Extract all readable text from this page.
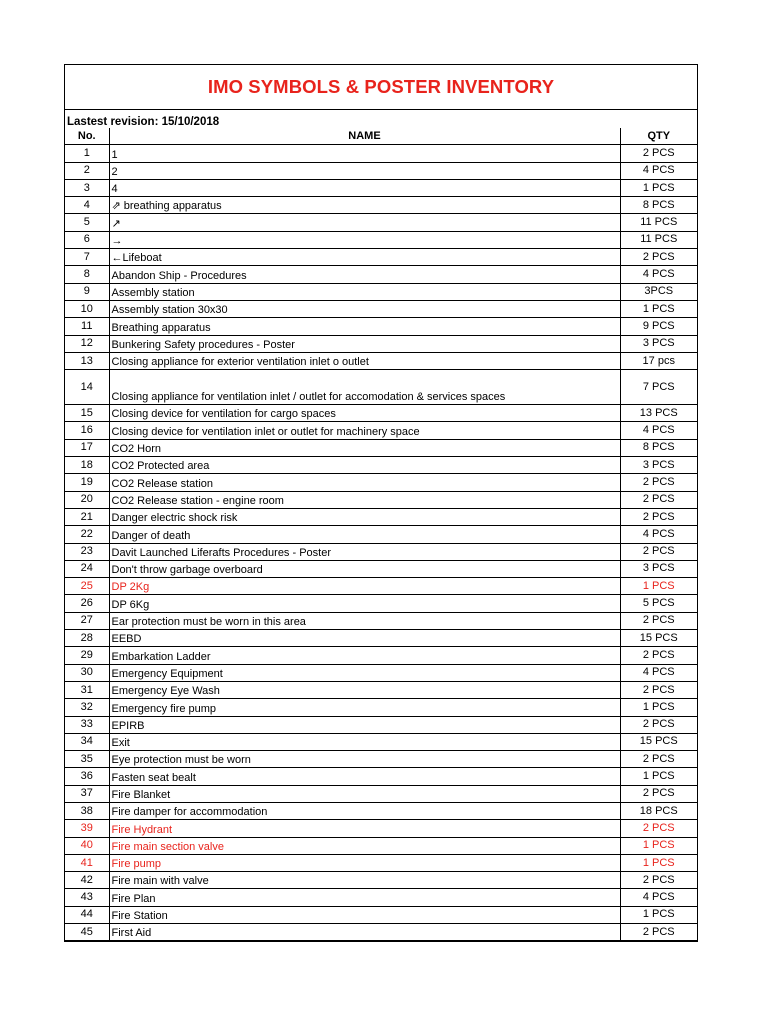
IMO SYMBOLS & POSTER INVENTORY
Lastest revision: 15/10/2018
No.	NAME	QTY
1	1	2 PCS
2	2	4 PCS
3	4	1 PCS
4	⇗ breathing apparatus	8 PCS
5	↗	11 PCS
6	→	11 PCS
7	←Lifeboat	2 PCS
8	Abandon Ship - Procedures	4 PCS
9	Assembly station	3PCS
10	Assembly station 30x30	1 PCS
11	Breathing apparatus	9 PCS
12	Bunkering Safety procedures - Poster	3 PCS
13	Closing appliance for exterior ventilation inlet o outlet	17 pcs
14	Closing appliance for ventilation inlet / outlet for accomodation & services spaces	7 PCS
15	Closing device for ventilation for cargo spaces	13 PCS
16	Closing device for ventilation inlet or outlet for machinery space	4 PCS
17	CO2 Horn	8 PCS
18	CO2 Protected area	3 PCS
19	CO2 Release station	2 PCS
20	CO2 Release station - engine room	2 PCS
21	Danger electric shock risk	2 PCS
22	Danger of death	4 PCS
23	Davit Launched Liferafts Procedures - Poster	2 PCS
24	Don't throw garbage overboard	3 PCS
25	DP 2Kg	1 PCS
26	DP 6Kg	5 PCS
27	Ear protection must be worn in this area	2 PCS
28	EEBD	15 PCS
29	Embarkation Ladder	2 PCS
30	Emergency Equipment	4 PCS
31	Emergency Eye Wash	2 PCS
32	Emergency fire pump	1 PCS
33	EPIRB	2 PCS
34	Exit	15 PCS
35	Eye protection must be worn	2 PCS
36	Fasten seat bealt	1 PCS
37	Fire Blanket	2 PCS
38	Fire damper for accommodation	18 PCS
39	Fire Hydrant	2 PCS
40	Fire main section valve	1 PCS
41	Fire pump	1 PCS
42	Fire main with valve	2 PCS
43	Fire Plan	4 PCS
44	Fire Station	1 PCS
45	First Aid	2 PCS
